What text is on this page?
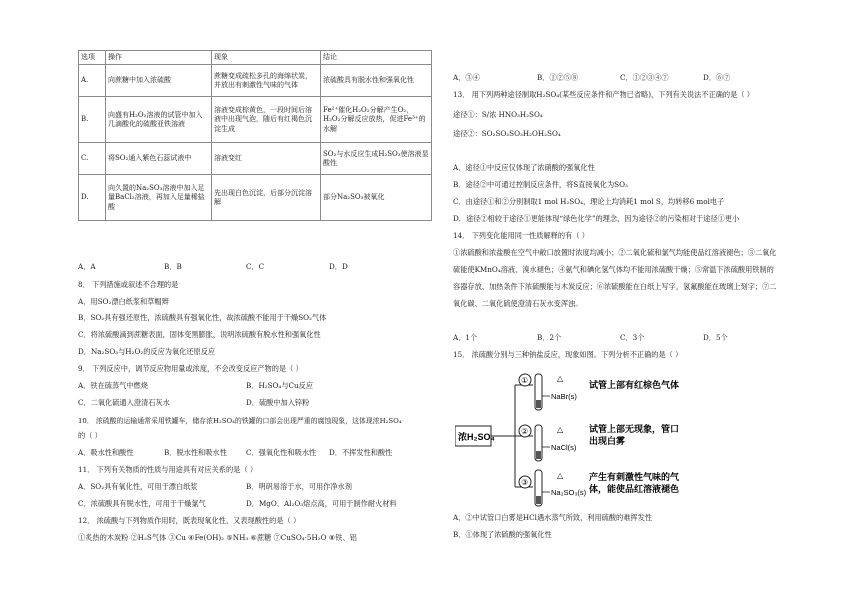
选项	操作	现象	结论
A.	向蔗糖中加入浓硫酸	蔗糖变成疏松多孔的海绵状炭，并放出有刺激性气味的气体	浓硫酸具有脱水性和强氧化性
B.	向盛有H₂O₂溶液的试管中加入几滴酸化的硫酸亚铁溶液	溶液变成棕黄色，一段时间后溶液中出现气泡，随后有红褐色沉淀生成	Fe²⁺催化H₂O₂分解产生O₂，H₂O₂分解反应放热，促进Fe³⁺的水解
C.	将SO₂通入紫色石蕊试液中	溶液变红	SO₂与水反应生成H₂SO₃使溶液显酸性
D.	向久置的Na₂SO₃溶液中加入足量BaCl₂溶液，再加入足量稀盐酸	先出现白色沉淀，后部分沉淀溶解	部分Na₂SO₃被氧化
A．A	B．B	C．C	D．D
8． 下列措施或叙述不合理的是
A．用SO₂漂白纸浆和草帽辫
B．SO₂具有强还原性，浓硫酸具有强氧化性，故浓硫酸不能用于干燥SO₂气体
C．将浓硫酸滴到蔗糖表面，固体变黑膨胀，说明浓硫酸有脱水性和强氧化性
D．Na₂SO₃与H₂O₂的反应为氧化还原反应
9． 下列反应中，调节反应物用量或浓度，不会改变反应产物的是（ ）
A．铁在硫蒸气中燃烧	B．H₂SO₄与Cu反应
C．二氧化硫通入澄清石灰水	D．硫酸中加入锌粉
10． 浓硫酸的运输通常采用铁罐车，储存浓H₂SO₄的铁罐的口部会出现严重的腐蚀现象，这体现浓H₂SO₄
的（ ）
A．吸水性和酸性	B．脱水性和吸水性	C．强氧化性和吸水性 D．不挥发性和酸性
11． 下列有关物质的性质与用途具有对应关系的是（ ）
A．SO₂具有氧化性，可用于漂白纸浆	B．明矾易溶于水，可用作净水剂
C．浓硫酸具有脱水性，可用于干燥氯气	D．MgO、Al₂O₃熔点高，可用于制作耐火材料
12． 浓硫酸与下列物质作用时，既表现氧化性，又表现酸性的是（ ）
①炙热的木炭粉 ②H₂S气体 ③Cu ④Fe(OH)₂ ⑤NH₃ ⑥蔗糖 ⑦CuSO₄·5H₂O ⑧铁、铝
A．③④	B．①②⑤⑧	C．①②③④⑦	D．⑥⑦
13． 用下列两种途径制取H₂SO₄(某些反应条件和产物已省略)，下列有关说法不正确的是（ ）
途径①：S/浓 HNO₃H₂SO₄
途径②：SO₂SO₂SO₃H₂OH₂SO₄
A．途径①中反应仅体现了浓硝酸的强氧化性
B．途径②中可通过控制反应条件，将S直接氧化为SO₃
C．由途径①和②分别制取1 mol H₂SO₄，理论上均消耗1 mol S，均转移6 mol电子
D．途径②相较于途径①更能体现“绿色化学”的理念，因为途径②的污染相对于途径①更小
14． 下列变化能用同一性质解释的有（ ）
①浓硫酸和浓盐酸在空气中敞口放置时浓度均减小；②二氧化硫和氯气均能使品红溶液褪色；③二氧化
硫能使KMnO₄溶液、溴水褪色；④氨气和碘化氢气体均不能用浓硫酸干燥；⑤常温下浓硫酸用铁制的
容器存放、加热条件下浓硫酸能与木炭反应；⑥浓硫酸能在白纸上写字，氢氟酸能在玻璃上刻字；⑦二
氧化碳、二氧化硫使澄清石灰水变浑浊。
A．1个	B．2个	C．3个	D．5个
15． 浓硫酸分别与三种钠盐反应，现象如图。下列分析不正确的是（ ）
A．②中试管口白雾是HCl遇水蒸气所致，利用硫酸的难挥发性
B．①体现了浓硫酸的强氧化性
浓H₂SO₄
①	△
NaBr(s)
试管上部有红棕色气体
②	△
NaCl(s)
试管上部无现象，管口
出现白雾
③
△
Na₂SO₃(s)
产生有刺激性气味的气
体，能使品红溶液褪色
